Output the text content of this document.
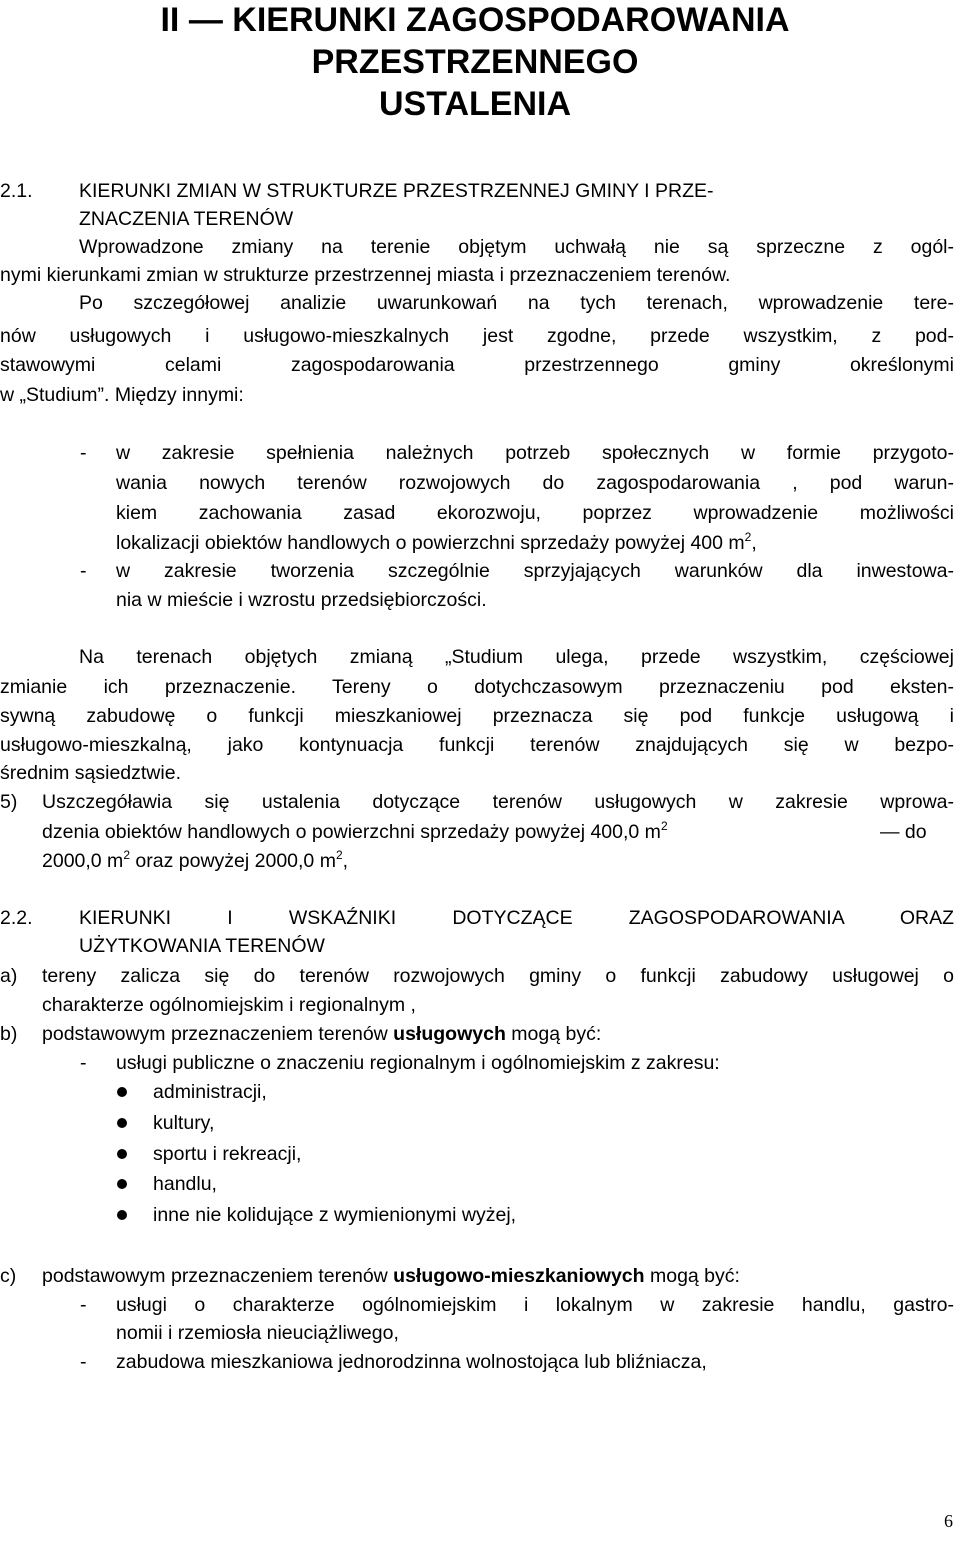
II — KIERUNKI ZAGOSPODAROWANIA
PRZESTRZENNEGO
USTALENIA
2.1. KIERUNKI ZMIAN W STRUKTURZE PRZESTRZENNEJ GMINY I PRZE-
ZNACZENIA TERENÓW
Wprowadzone zmiany na terenie objętym uchwałą nie są sprzeczne z ogól-
nymi kierunkami zmian w strukturze przestrzennej miasta i przeznaczeniem terenów.
Po szczegółowej analizie uwarunkowań na tych terenach, wprowadzenie tere-
nów usługowych i usługowo-mieszkalnych jest zgodne, przede wszystkim, z pod-
stawowymi celami zagospodarowania przestrzennego gminy określonymi
w „Studium”. Między innymi:
- w zakresie spełnienia należnych potrzeb społecznych w formie przygoto-
wania nowych terenów rozwojowych do zagospodarowania , pod warun-
kiem zachowania zasad ekorozwoju, poprzez wprowadzenie możliwości
lokalizacji obiektów handlowych o powierzchni sprzedaży powyżej 400 $m^2$,
- w zakresie tworzenia szczególnie sprzyjających warunków dla inwestowa-
nia w mieście i wzrostu przedsiębiorczości.
Na terenach objętych zmianą „Studium ulega, przede wszystkim, częściowej
zmianie ich przeznaczenie. Tereny o dotychczasowym przeznaczeniu pod eksten-
sywną zabudowę o funkcji mieszkaniowej przeznacza się pod funkcje usługową i
usługowo-mieszkalną, jako kontynuacja funkcji terenów znajdujących się w bezpo-
średnim sąsiedztwie.
5) Uszczegóławia się ustalenia dotyczące terenów usługowych w zakresie wprowa-
dzenia obiektów handlowych o powierzchni sprzedaży powyżej 400,0 $m^2$	— do
2000,0 $m^2$ oraz powyżej 2000,0 $m^2$,
2.2. KIERUNKI I WSKAŹNIKI DOTYCZĄCE ZAGOSPODAROWANIA ORAZ
UŻYTKOWANIA TERENÓW
a) tereny zalicza się do terenów rozwojowych gminy o funkcji zabudowy usługowej o
charakterze ogólnomiejskim i regionalnym ,
b) podstawowym przeznaczeniem terenów usługowych mogą być:
- usługi publiczne o znaczeniu regionalnym i ogólnomiejskim z zakresu:
administracji,
kultury,
sportu i rekreacji,
handlu,
inne nie kolidujące z wymienionymi wyżej,
c) podstawowym przeznaczeniem terenów usługowo-mieszkaniowych mogą być:
- usługi o charakterze ogólnomiejskim i lokalnym w zakresie handlu, gastro-
nomii i rzemiosła nieuciążliwego,
- zabudowa mieszkaniowa jednorodzinna wolnostojąca lub bliźniacza,
6
